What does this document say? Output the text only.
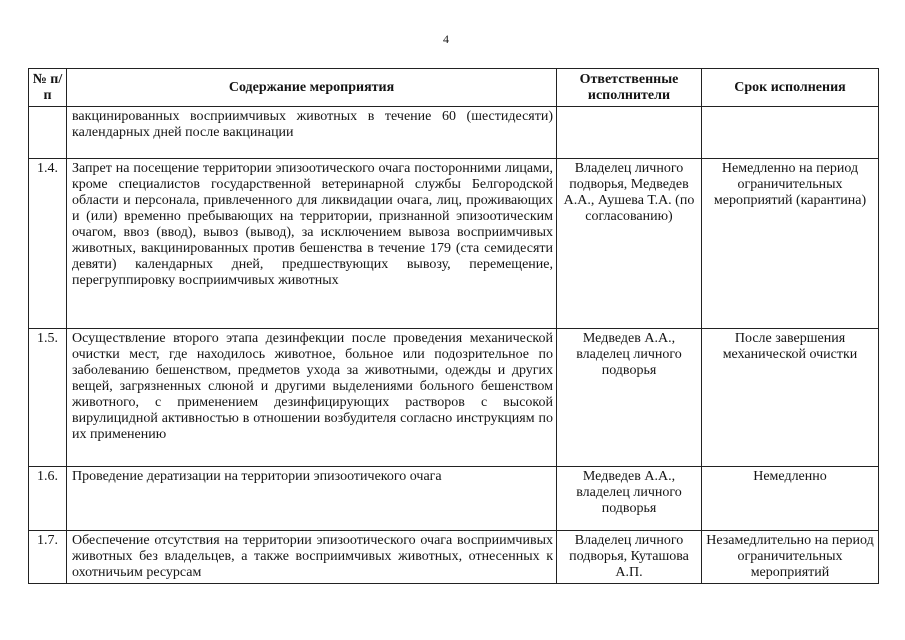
4
№ п/п	Содержание мероприятия	Ответственные исполнители	Срок исполнения
	вакцинированных восприимчивых животных в течение 60 (шестидесяти) календарных дней после вакцинации		
1.4.	Запрет на посещение территории эпизоотического очага посторонними лицами, кроме специалистов государственной ветеринарной службы Белгородской области и персонала, привлеченного для ликвидации очага, лиц, проживающих и (или) временно пребывающих на территории, признанной эпизоотическим очагом, ввоз (ввод), вывоз (вывод), за исключением вывоза восприимчивых животных, вакцинированных против бешенства в течение 179 (ста семидесяти девяти) календарных дней, предшествующих вывозу, перемещение, перегруппировку восприимчивых животных	Владелец личного подворья, Медведев А.А., Аушева Т.А. (по согласованию)	Немедленно на период ограничительных мероприятий (карантина)
1.5.	Осуществление второго этапа дезинфекции после проведения механической очистки мест, где находилось животное, больное или подозрительное по заболеванию бешенством, предметов ухода за животными, одежды и других вещей, загрязненных слюной и другими выделениями больного бешенством животного, с применением дезинфицирующих растворов с высокой вирулицидной активностью в отношении возбудителя согласно инструкциям по их применению	Медведев А.А., владелец личного подворья	После завершения механической очистки
1.6.	Проведение дератизации на территории эпизоотичекого очага	Медведев А.А., владелец личного подворья	Немедленно
1.7.	Обеспечение отсутствия на территории эпизоотического очага восприимчивых животных без владельцев, а также восприимчивых животных, отнесенных к охотничьим ресурсам	Владелец личного подворья, Куташова А.П.	Незамедлительно на период ограничительных мероприятий
